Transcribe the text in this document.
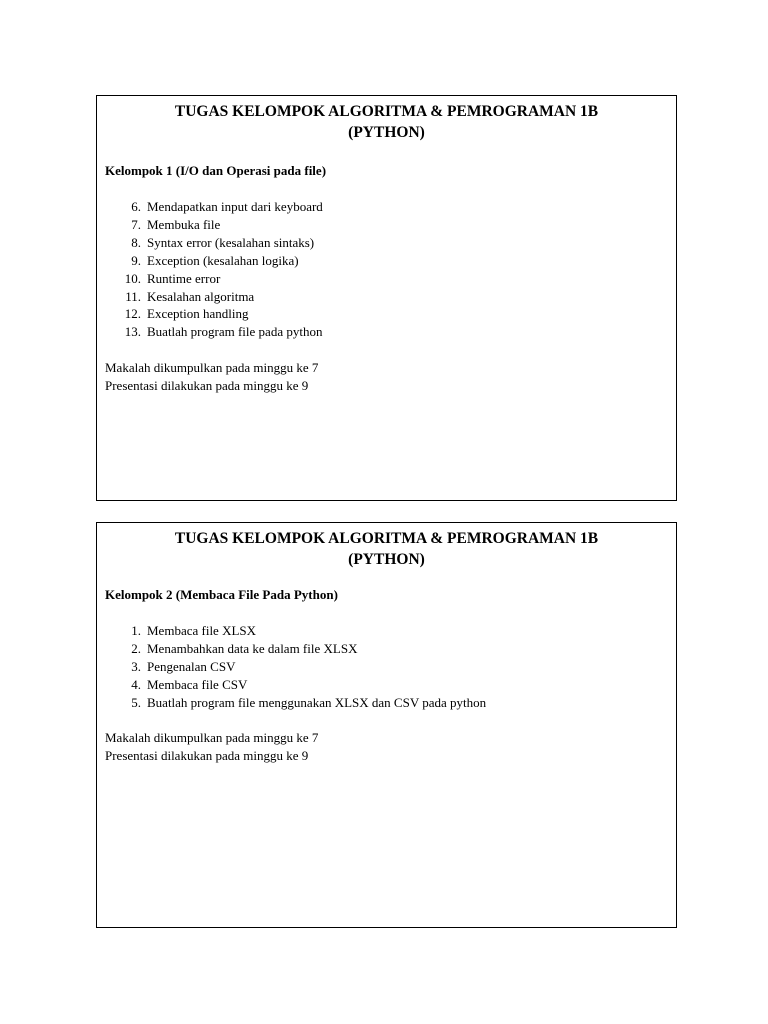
TUGAS KELOMPOK ALGORITMA & PEMROGRAMAN 1B
(PYTHON)

Kelompok 1 (I/O dan Operasi pada file)

6. Mendapatkan input dari keyboard
7. Membuka file
8. Syntax error (kesalahan sintaks)
9. Exception (kesalahan logika)
10. Runtime error
11. Kesalahan algoritma
12. Exception handling
13. Buatlah program file pada python

Makalah dikumpulkan pada minggu ke 7
Presentasi dilakukan pada minggu ke 9

TUGAS KELOMPOK ALGORITMA & PEMROGRAMAN 1B
(PYTHON)

Kelompok 2 (Membaca File Pada Python)

1. Membaca file XLSX
2. Menambahkan data ke dalam file XLSX
3. Pengenalan CSV
4. Membaca file CSV
5. Buatlah program file menggunakan XLSX dan CSV pada python

Makalah dikumpulkan pada minggu ke 7
Presentasi dilakukan pada minggu ke 9
